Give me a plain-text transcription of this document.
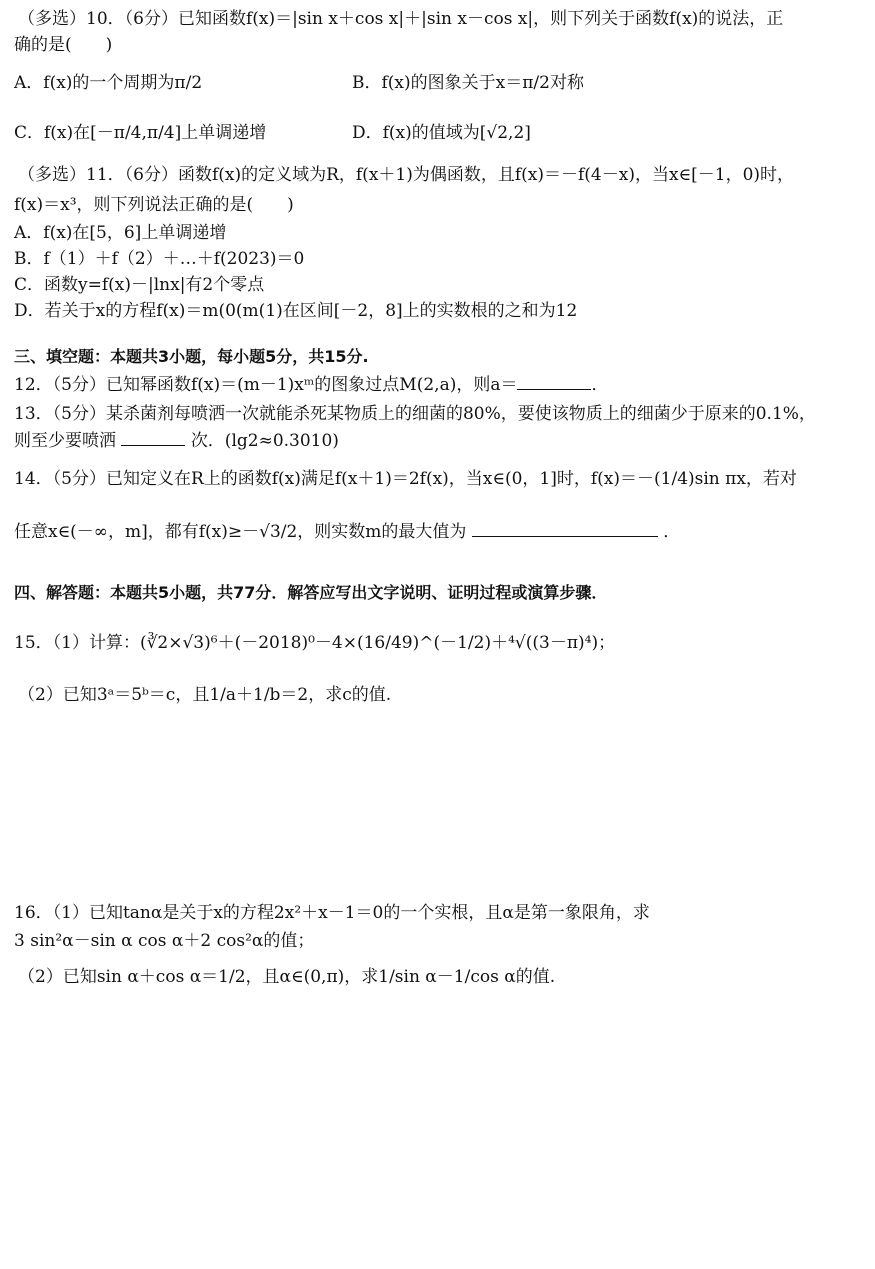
（多选）10．（6分）已知函数f(x)＝|sin x＋cos x|＋|sin x－cos x|，则下列关于函数f(x)的说法，正
确的是(　　)
A．f(x)的一个周期为π/2	B．f(x)的图象关于x＝π/2对称
C．f(x)在[－π/4,π/4]上单调递增	D．f(x)的值域为[√2,2]
（多选）11．（6分）函数f(x)的定义域为R，f(x＋1)为偶函数，且f(x)＝－f(4－x)，当x∈[－1，0)时，
f(x)＝x³，则下列说法正确的是(　　)
A．f(x)在[5，6]上单调递增
B．f（1）＋f（2）＋…＋f(2023)＝0
C．函数y=f(x)－|lnx|有2个零点
D．若关于x的方程f(x)＝m(0(m(1)在区间[－2，8]上的实数根的之和为12
三、填空题：本题共3小题，每小题5分，共15分.
12．（5分）已知幂函数f(x)＝(m－1)xᵐ的图象过点M(2,a)，则a＝	．
13．（5分）某杀菌剂每喷洒一次就能杀死某物质上的细菌的80%，要使该物质上的细菌少于原来的0.1%，
则至少要喷洒	次．(lg2≈0.3010)
14．（5分）已知定义在R上的函数f(x)满足f(x＋1)＝2f(x)，当x∈(0，1]时，f(x)＝－(1/4)sin πx，若对
任意x∈(－∞，m]，都有f(x)≥－√3/2，则实数m的最大值为	．
四、解答题：本题共5小题，共77分．解答应写出文字说明、证明过程或演算步骤．
15．（1）计算：(∛2×√3)⁶＋(－2018)⁰－4×(16/49)^(－1/2)＋⁴√((3－π)⁴)；
（2）已知3ᵃ＝5ᵇ＝c，且1/a＋1/b＝2，求c的值.
16．（1）已知tanα是关于x的方程2x²＋x－1＝0的一个实根，且α是第一象限角，求
3 sin²α－sin α cos α＋2 cos²α的值；
（2）已知sin α＋cos α＝1/2，且α∈(0,π)，求1/sin α－1/cos α的值.
